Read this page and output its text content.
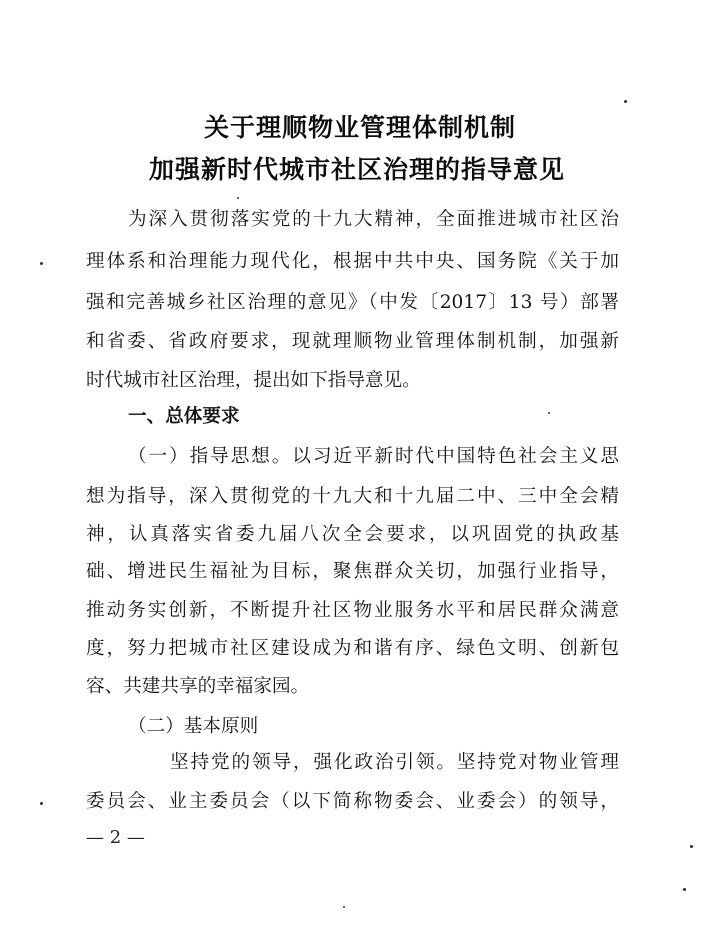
关于理顺物业管理体制机制
加强新时代城市社区治理的指导意见
为深入贯彻落实党的十九大精神，全面推进城市社区治
理体系和治理能力现代化，根据中共中央、国务院《关于加
强和完善城乡社区治理的意见》（中发〔2017〕13 号）部署
和省委、省政府要求，现就理顺物业管理体制机制，加强新
时代城市社区治理，提出如下指导意见。
一、总体要求
（一）指导思想。以习近平新时代中国特色社会主义思
想为指导，深入贯彻党的十九大和十九届二中、三中全会精
神，认真落实省委九届八次全会要求，以巩固党的执政基
础、增进民生福祉为目标，聚焦群众关切，加强行业指导，
推动务实创新，不断提升社区物业服务水平和居民群众满意
度，努力把城市社区建设成为和谐有序、绿色文明、创新包
容、共建共享的幸福家园。
（二）基本原则
坚持党的领导，强化政治引领。坚持党对物业管理
委员会、业主委员会（以下简称物委会、业委会）的领导，
— 2 —
